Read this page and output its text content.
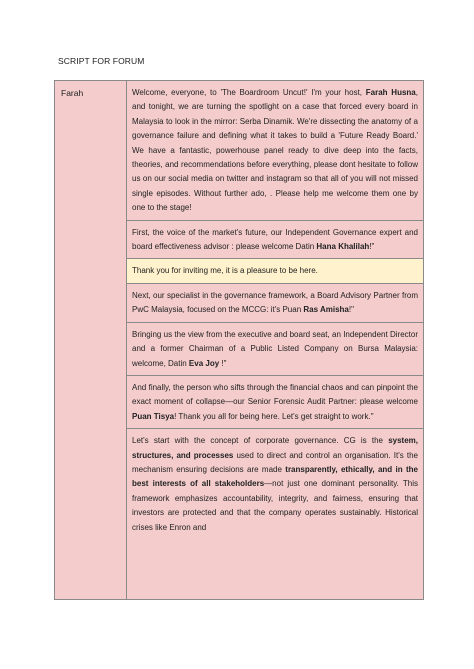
SCRIPT FOR FORUM
Farah	Welcome, everyone, to 'The Boardroom Uncut!' I'm your host, Farah Husna, and tonight, we are turning the spotlight on a case that forced every board in Malaysia to look in the mirror: Serba Dinamik. We're dissecting the anatomy of a governance failure and defining what it takes to build a 'Future Ready Board.' We have a fantastic, powerhouse panel ready to dive deep into the facts, theories, and recommendations before everything, please dont hesitate to follow us on our social media on twitter and instagram so that all of you will not missed single episodes. Without further ado, . Please help me welcome them one by one to the stage!
First, the voice of the market's future, our Independent Governance expert and board effectiveness advisor : please welcome Datin Hana Khalilah!"
Thank you for inviting me, it is a pleasure to be here.
Next, our specialist in the governance framework, a Board Advisory Partner from PwC Malaysia, focused on the MCCG: it's Puan Ras Amisha!"
Bringing us the view from the executive and board seat, an Independent Director and a former Chairman of a Public Listed Company on Bursa Malaysia: welcome, Datin Eva Joy !"
And finally, the person who sifts through the financial chaos and can pinpoint the exact moment of collapse—our Senior Forensic Audit Partner: please welcome Puan Tisya! Thank you all for being here. Let's get straight to work."
Let's start with the concept of corporate governance. CG is the system, structures, and processes used to direct and control an organisation. It's the mechanism ensuring decisions are made transparently, ethically, and in the best interests of all stakeholders—not just one dominant personality. This framework emphasizes accountability, integrity, and fairness, ensuring that investors are protected and that the company operates sustainably. Historical crises like Enron and
